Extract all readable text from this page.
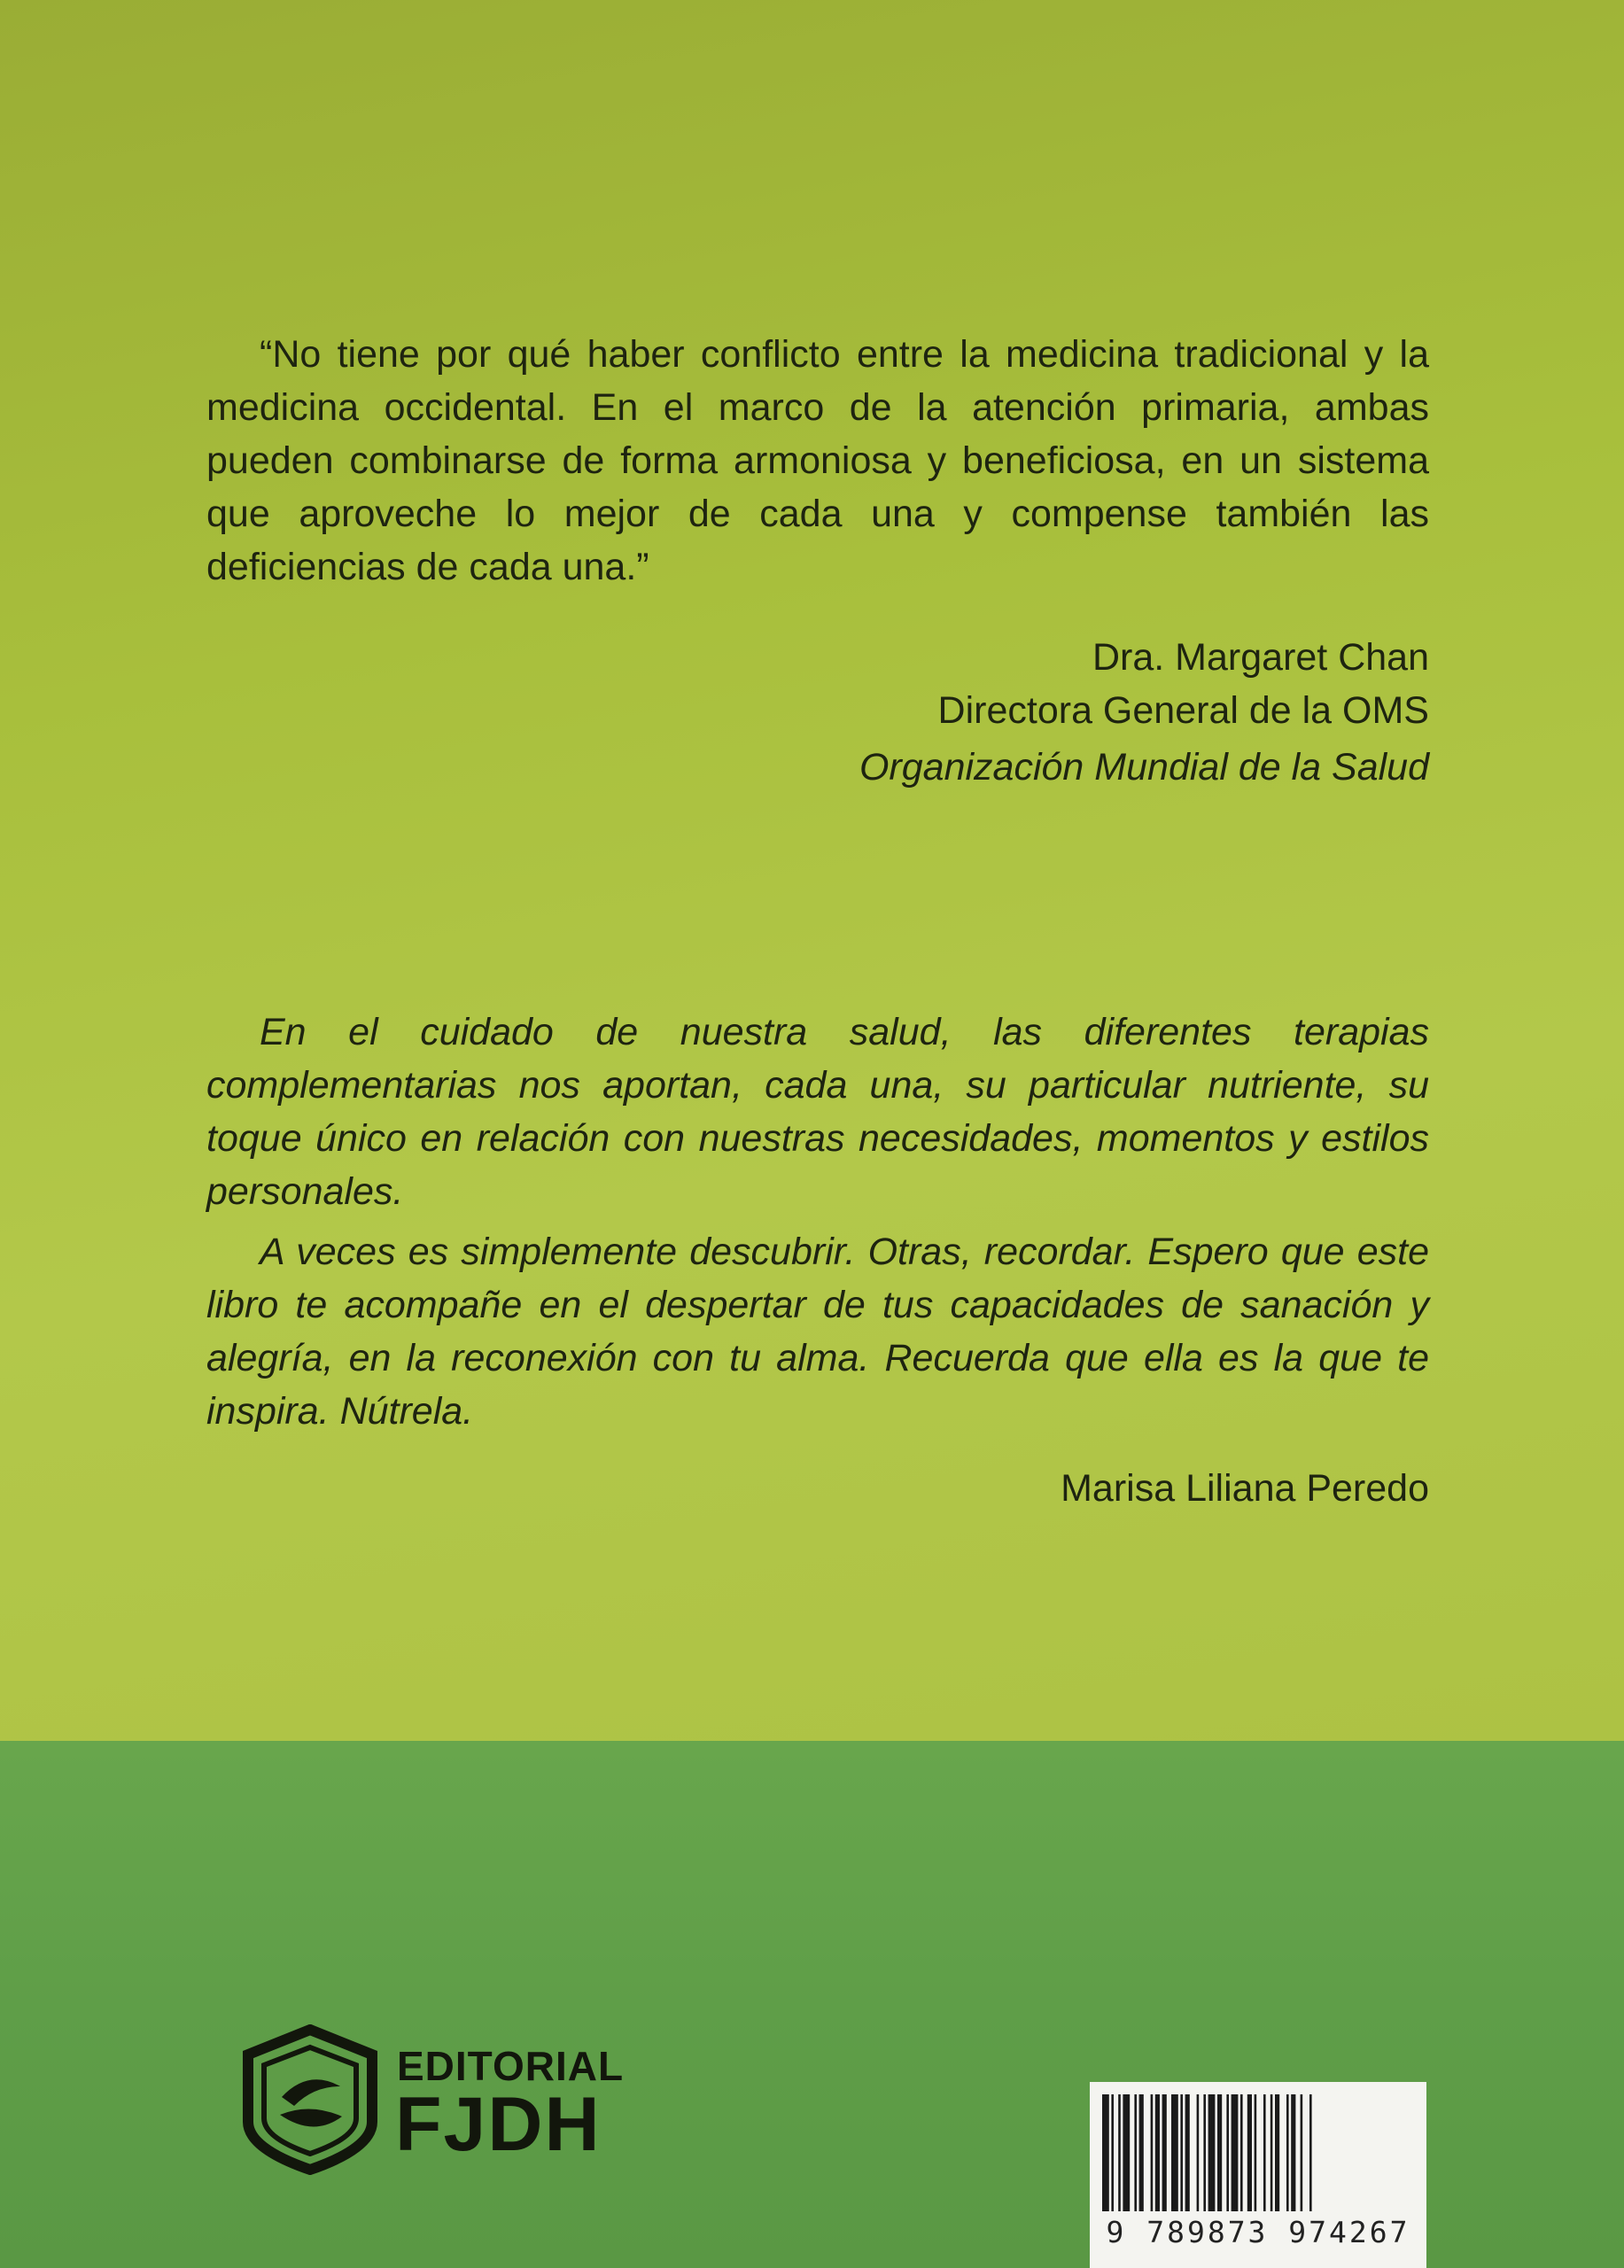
“No tiene por qué haber conflicto entre la medicina tradicional y la medicina occidental. En el marco de la atención primaria, ambas pueden combinarse de forma armoniosa y beneficiosa, en un sistema que aproveche lo mejor de cada una y compense también las deficiencias de cada una.”

Dra. Margaret Chan
Directora General de la OMS
Organización Mundial de la Salud

En el cuidado de nuestra salud, las diferentes terapias complementarias nos aportan, cada una, su particular nutriente, su toque único en relación con nuestras necesidades, momentos y estilos personales.

A veces es simplemente descubrir. Otras, recordar. Espero que este libro te acompañe en el despertar de tus capacidades de sanación y alegría, en la reconexión con tu alma. Recuerda que ella es la que te inspira. Nútrela.

Marisa Liliana Peredo
EDITORIAL
FJDH
9 789873 974267
